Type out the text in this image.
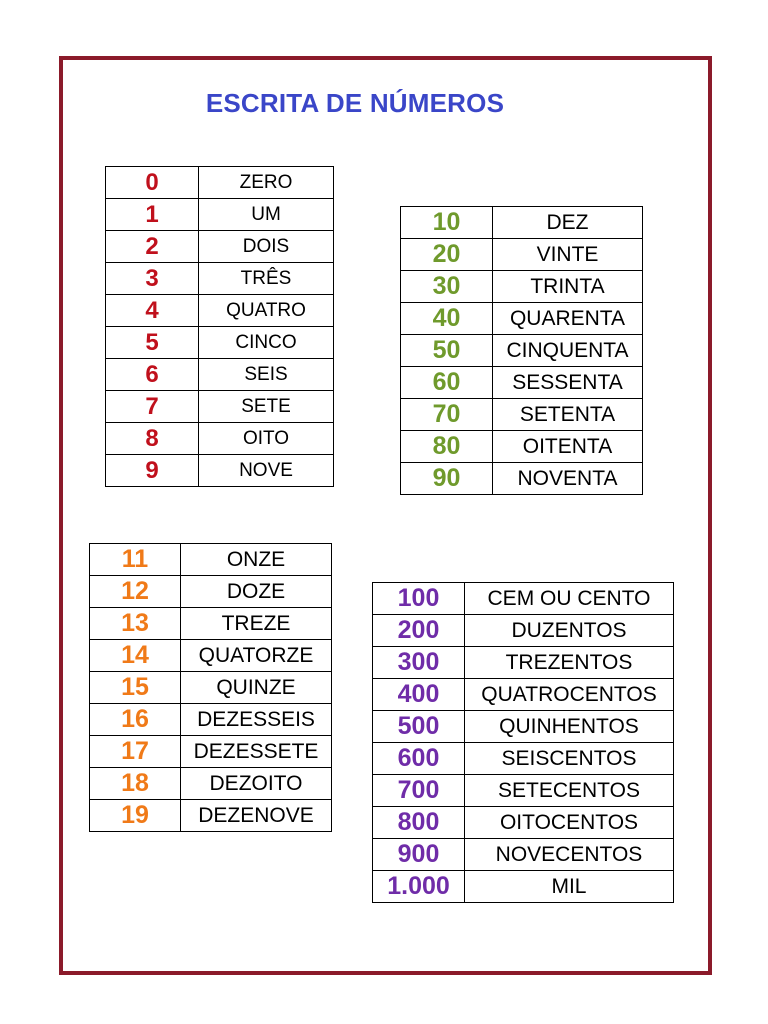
ESCRITA DE NÚMEROS
0	ZERO
1	UM
2	DOIS
3	TRÊS
4	QUATRO
5	CINCO
6	SEIS
7	SETE
8	OITO
9	NOVE
10	DEZ
20	VINTE
30	TRINTA
40	QUARENTA
50	CINQUENTA
60	SESSENTA
70	SETENTA
80	OITENTA
90	NOVENTA
11	ONZE
12	DOZE
13	TREZE
14	QUATORZE
15	QUINZE
16	DEZESSEIS
17	DEZESSETE
18	DEZOITO
19	DEZENOVE
100	CEM OU CENTO
200	DUZENTOS
300	TREZENTOS
400	QUATROCENTOS
500	QUINHENTOS
600	SEISCENTOS
700	SETECENTOS
800	OITOCENTOS
900	NOVECENTOS
1.000	MIL
